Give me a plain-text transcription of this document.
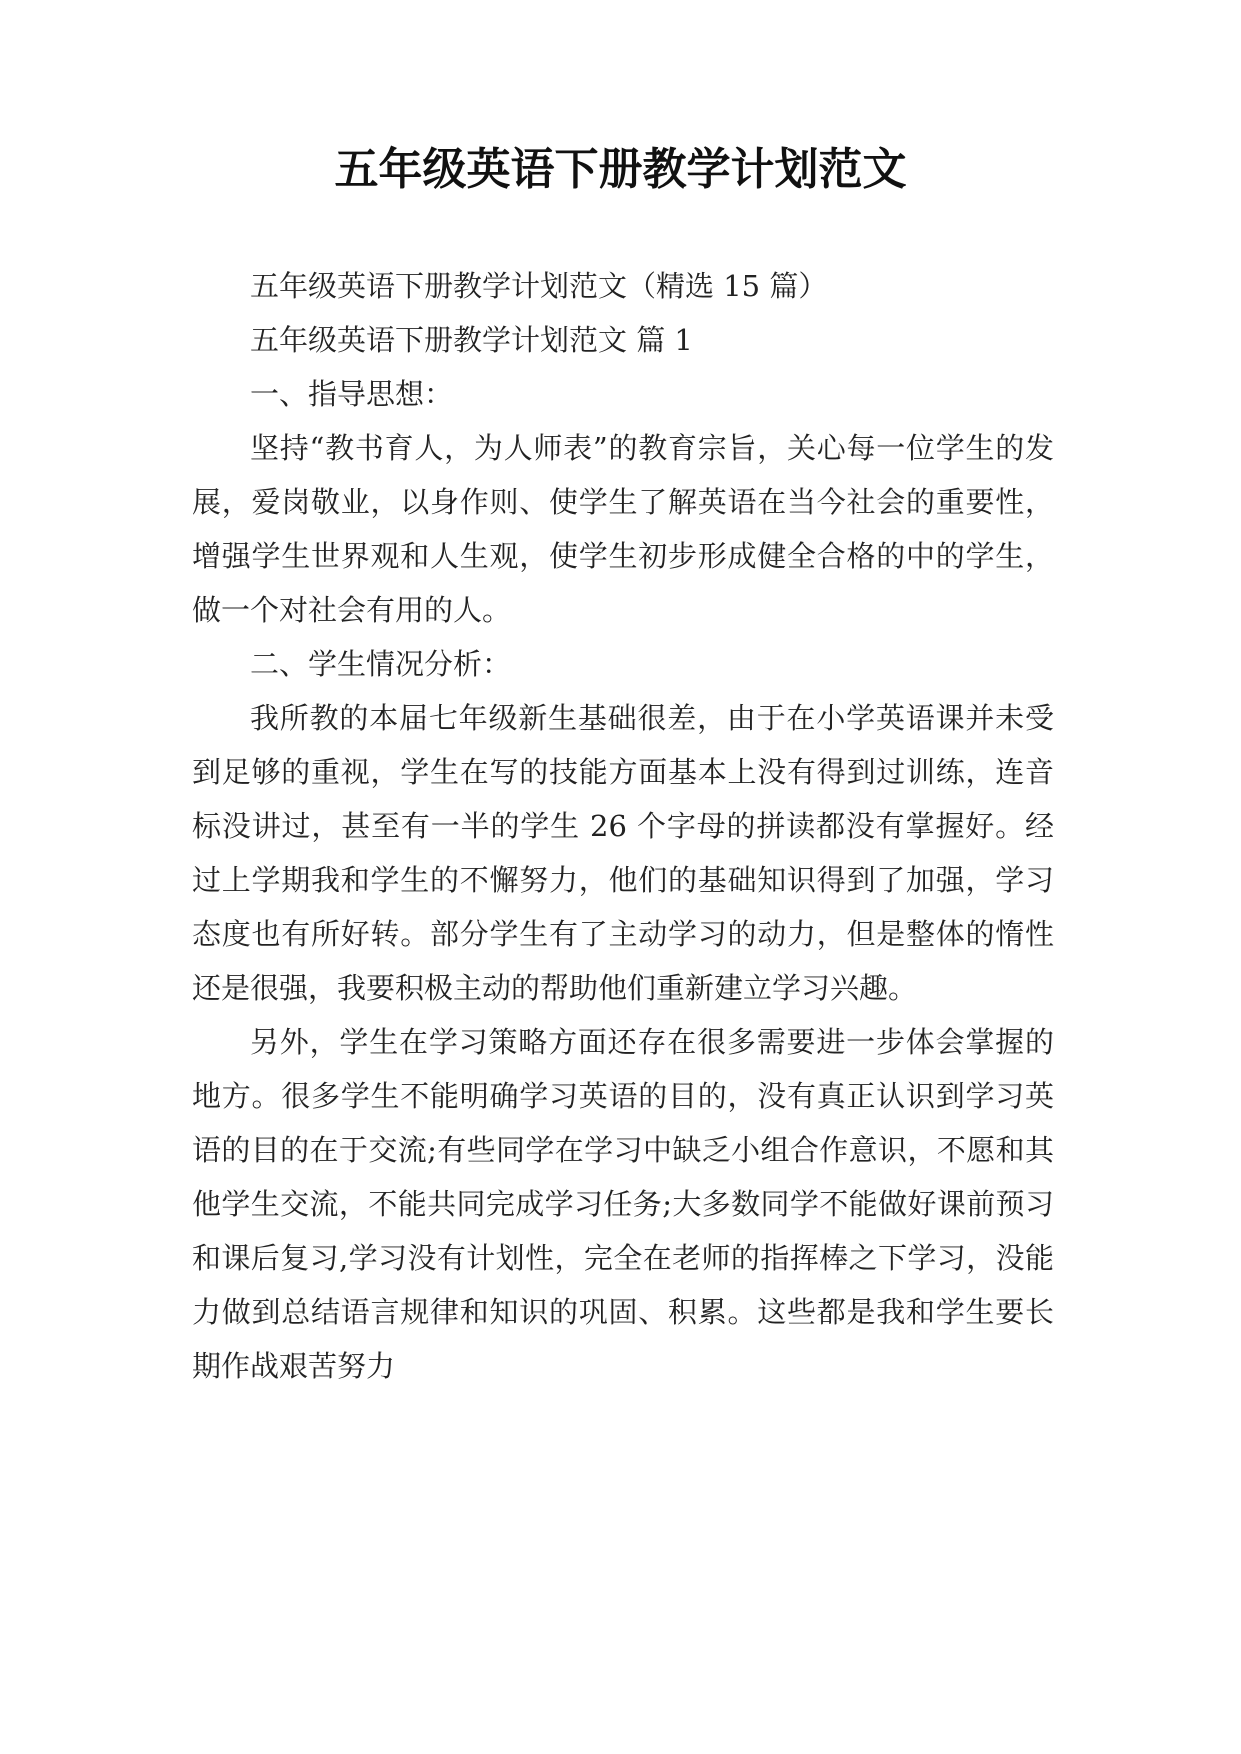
五年级英语下册教学计划范文

五年级英语下册教学计划范文（精选 15 篇）

五年级英语下册教学计划范文 篇 1

一、指导思想：

坚持“教书育人，为人师表”的教育宗旨，关心每一位学生的发展，爱岗敬业，以身作则、使学生了解英语在当今社会的重要性，增强学生世界观和人生观，使学生初步形成健全合格的中的学生，做一个对社会有用的人。

二、学生情况分析：

我所教的本届七年级新生基础很差，由于在小学英语课并未受到足够的重视，学生在写的技能方面基本上没有得到过训练，连音标没讲过，甚至有一半的学生 26 个字母的拼读都没有掌握好。经过上学期我和学生的不懈努力，他们的基础知识得到了加强，学习态度也有所好转。部分学生有了主动学习的动力，但是整体的惰性还是很强，我要积极主动的帮助他们重新建立学习兴趣。

另外，学生在学习策略方面还存在很多需要进一步体会掌握的地方。很多学生不能明确学习英语的目的，没有真正认识到学习英语的目的在于交流;有些同学在学习中缺乏小组合作意识，不愿和其他学生交流，不能共同完成学习任务;大多数同学不能做好课前预习和课后复习,学习没有计划性，完全在老师的指挥棒之下学习，没能力做到总结语言规律和知识的巩固、积累。这些都是我和学生要长期作战艰苦努力
